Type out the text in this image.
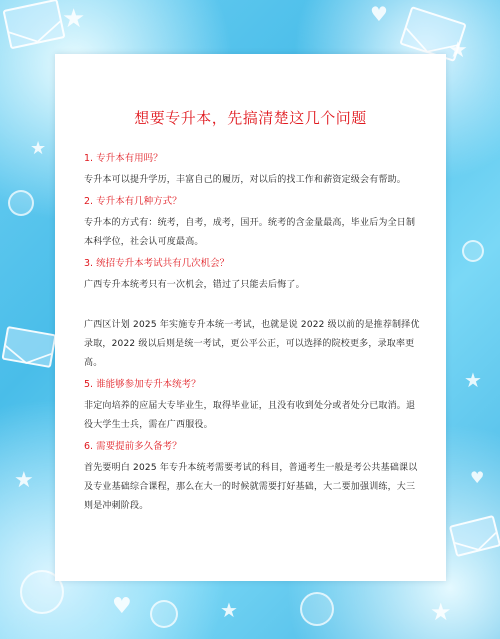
★
★
★
★
★
★
★
♥
♥
♥
想要专升本，先搞清楚这几个问题

1. 专升本有用吗？

专升本可以提升学历，丰富自己的履历，对以后的找工作和薪资定级会有帮助。

2. 专升本有几种方式？

专升本的方式有：统考，自考，成考，国开。统考的含金量最高，毕业后为全日制本科学位，社会认可度最高。

3. 统招专升本考试共有几次机会？

广西专升本统考只有一次机会，错过了只能去后悔了。

广西区计划 2025 年实施专升本统一考试，也就是说 2022 级以前的是推荐制择优录取，2022 级以后则是统一考试，更公平公正，可以选择的院校更多，录取率更高。

5. 谁能够参加专升本统考？

非定向培养的应届大专毕业生，取得毕业证，且没有收到处分或者处分已取消。退役大学生士兵，需在广西服役。

6. 需要提前多久备考？

首先要明白 2025 年专升本统考需要考试的科目，普通考生一般是考公共基础课以及专业基础综合课程，那么在大一的时候就需要打好基础，大二要加强训练，大三则是冲刺阶段。
